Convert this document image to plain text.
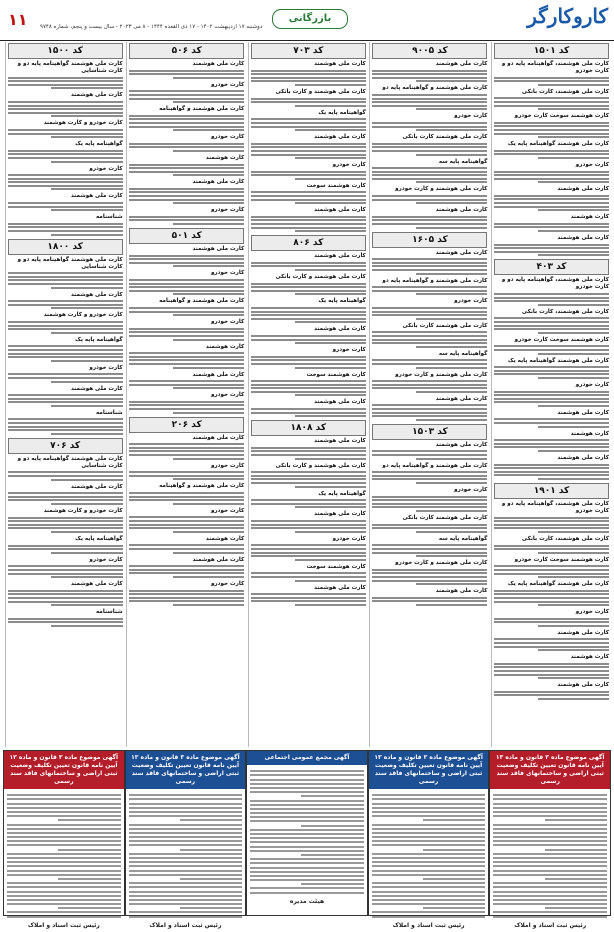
کاروکارگر
بازرگانی
دوشنبه ۱۷ اردیبهشت ۱۴۰۲ - ۱۷ ذی القعده ۱۴۴۴ - ۸ می ۲۰۲۳ - سال بیست و پنجم، شماره ۹۷۴۸
۱۱
کد ۱۵۰۱
کارت ملی هوشمند، گواهینامه پایه دو و کارت خودرو
کارت ملی هوشمند، کارت بانکی
کارت هوشمند سوخت کارت خودرو
کارت ملی هوشمند گواهینامه پایه یک
کارت خودرو
کارت ملی هوشمند
کارت هوشمند
کارت ملی هوشمند
کد ۴۰۳
کارت ملی هوشمند، گواهینامه پایه دو و کارت خودرو
کارت ملی هوشمند، کارت بانکی
کارت هوشمند سوخت کارت خودرو
کارت ملی هوشمند گواهینامه پایه یک
کارت خودرو
کارت ملی هوشمند
کارت هوشمند
کارت ملی هوشمند
کد ۱۹۰۱
کارت ملی هوشمند، گواهینامه پایه دو و کارت خودرو
کارت ملی هوشمند، کارت بانکی
کارت هوشمند سوخت کارت خودرو
کارت ملی هوشمند گواهینامه پایه یک
کارت خودرو
کارت ملی هوشمند
کارت هوشمند
کارت ملی هوشمند
کد ۹۰۰۵
کارت ملی هوشمند
کارت ملی هوشمند و گواهینامه پایه دو
کارت خودرو
کارت ملی هوشمند کارت بانکی
گواهینامه پایه سه
کارت ملی هوشمند و کارت خودرو
کارت ملی هوشمند
کد ۱۶۰۵
کارت ملی هوشمند
کارت ملی هوشمند و گواهینامه پایه دو
کارت خودرو
کارت ملی هوشمند کارت بانکی
گواهینامه پایه سه
کارت ملی هوشمند و کارت خودرو
کارت ملی هوشمند
کد ۱۵۰۳
کارت ملی هوشمند
کارت ملی هوشمند و گواهینامه پایه دو
کارت خودرو
کارت ملی هوشمند کارت بانکی
گواهینامه پایه سه
کارت ملی هوشمند و کارت خودرو
کارت ملی هوشمند
کد ۷۰۳
کارت ملی هوشمند
کارت ملی هوشمند و کارت بانکی
گواهینامه پایه یک
کارت ملی هوشمند
کارت خودرو
کارت هوشمند سوخت
کارت ملی هوشمند
کد ۸۰۶
کارت ملی هوشمند
کارت ملی هوشمند و کارت بانکی
گواهینامه پایه یک
کارت ملی هوشمند
کارت خودرو
کارت هوشمند سوخت
کارت ملی هوشمند
کد ۱۸۰۸
کارت ملی هوشمند
کارت ملی هوشمند و کارت بانکی
گواهینامه پایه یک
کارت ملی هوشمند
کارت خودرو
کارت هوشمند سوخت
کارت ملی هوشمند
کد ۵۰۶
کارت ملی هوشمند
کارت خودرو
کارت ملی هوشمند و گواهینامه
کارت خودرو
کارت هوشمند
کارت ملی هوشمند
کارت خودرو
کد ۵۰۱
کارت ملی هوشمند
کارت خودرو
کارت ملی هوشمند و گواهینامه
کارت خودرو
کارت هوشمند
کارت ملی هوشمند
کارت خودرو
کد ۲۰۶
کارت ملی هوشمند
کارت خودرو
کارت ملی هوشمند و گواهینامه
کارت خودرو
کارت هوشمند
کارت ملی هوشمند
کارت خودرو
کد ۱۵۰۰
کارت ملی هوشمند گواهینامه پایه دو و کارت شناسایی
کارت ملی هوشمند
کارت خودرو و کارت هوشمند
گواهینامه پایه یک
کارت خودرو
کارت ملی هوشمند
شناسنامه
کد ۱۸۰۰
کارت ملی هوشمند گواهینامه پایه دو و کارت شناسایی
کارت ملی هوشمند
کارت خودرو و کارت هوشمند
گواهینامه پایه یک
کارت خودرو
کارت ملی هوشمند
شناسنامه
کد ۷۰۶
کارت ملی هوشمند گواهینامه پایه دو و کارت شناسایی
کارت ملی هوشمند
کارت خودرو و کارت هوشمند
گواهینامه پایه یک
کارت خودرو
کارت ملی هوشمند
شناسنامه
آگهی موضوع ماده ۳ قانون و ماده ۱۳ آیین نامه قانون تعیین تکلیف وضعیت ثبتی اراضی و ساختمانهای فاقد سند رسمی
رئیس ثبت اسناد و املاک
آگهی موضوع ماده ۳ قانون و ماده ۱۳ آیین نامه قانون تعیین تکلیف وضعیت ثبتی اراضی و ساختمانهای فاقد سند رسمی
رئیس ثبت اسناد و املاک
آگهی مجمع عمومی اجتماعی
هیئت مدیره
آگهی موضوع ماده ۳ قانون و ماده ۱۳ آیین نامه قانون تعیین تکلیف وضعیت ثبتی اراضی و ساختمانهای فاقد سند رسمی
رئیس ثبت اسناد و املاک
آگهی موضوع ماده ۳ قانون و ماده ۱۳ آیین نامه قانون تعیین تکلیف وضعیت ثبتی اراضی و ساختمانهای فاقد سند رسمی
رئیس ثبت اسناد و املاک
